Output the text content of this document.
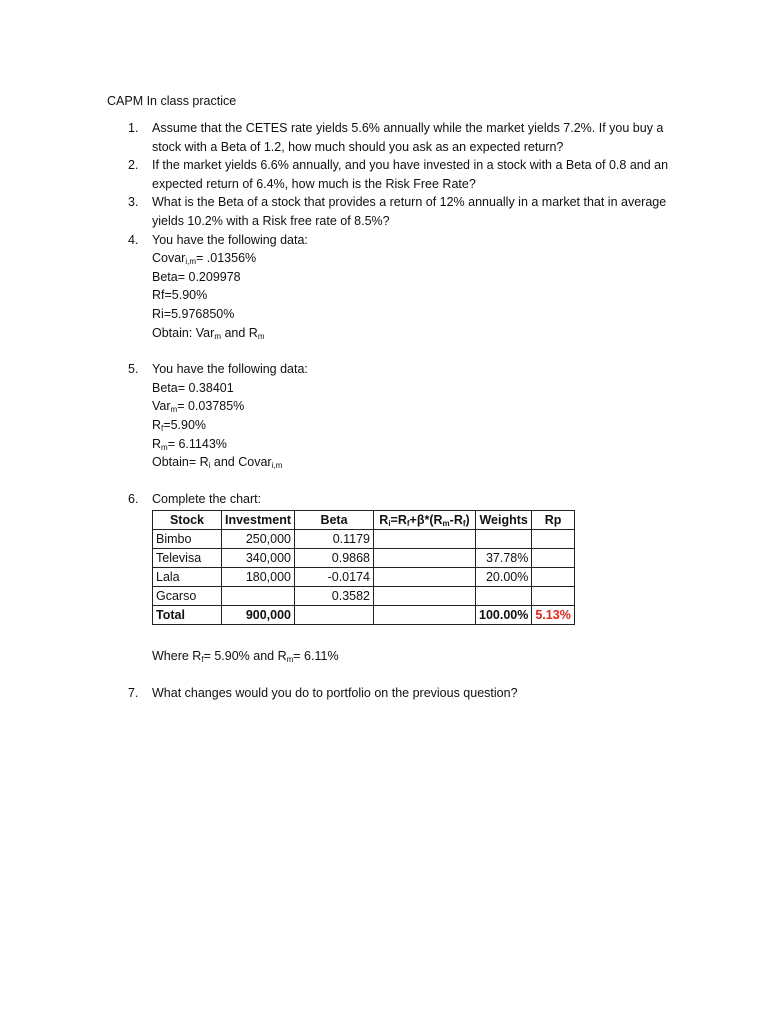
CAPM In class practice
1. Assume that the CETES rate yields 5.6% annually while the market yields 7.2%. If you buy a stock with a Beta of 1.2, how much should you ask as an expected return?
2. If the market yields 6.6% annually, and you have invested in a stock with a Beta of 0.8 and an expected return of 6.4%, how much is the Risk Free Rate?
3. What is the Beta of a stock that provides a return of 12% annually in a market that in average yields 10.2% with a Risk free rate of 8.5%?
4. You have the following data:
Covar$_{i,m}$= .01356%
Beta= 0.209978
Rf=5.90%
Ri=5.976850%
Obtain: Var$_m$ and $R_m$
5. You have the following data:
Beta= 0.38401
Var$_m$= 0.03785%
$R_f=5.90\%$
$R_m= 6.1143\%$
Obtain= $R_i$ and Covar$_{i,m}$
6. Complete the chart:
Stock	Investment	Beta	$R_i=R_f+\beta*(R_m-R_f)$	Weights	Rp
Bimbo	250,000	0.1179			
Televisa	340,000	0.9868		37.78%	
Lala	180,000	-0.0174		20.00%	
Gcarso		0.3582			
Total	900,000			100.00%	5.13%
Where $R_f= 5.90\%$ and $R_m= 6.11\%$
7. What changes would you do to portfolio on the previous question?
